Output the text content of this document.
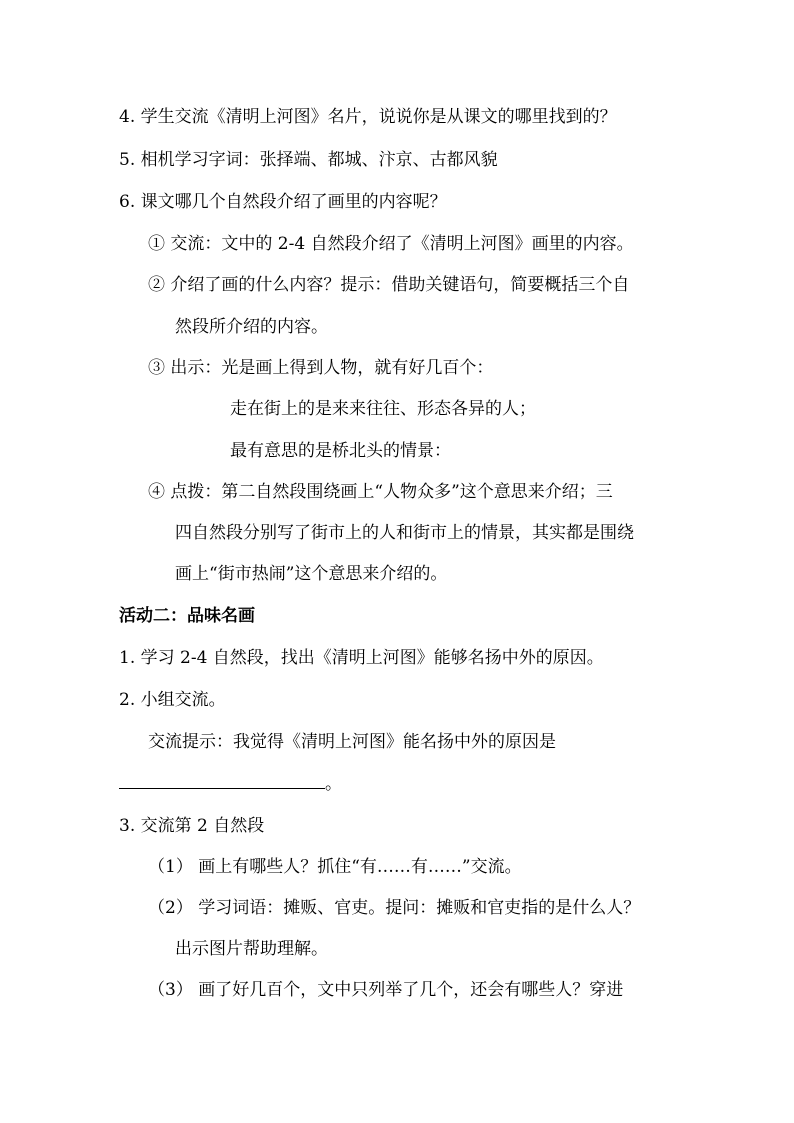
4. 学生交流《清明上河图》名片，说说你是从课文的哪里找到的？
5. 相机学习字词：张择端、都城、汴京、古都风貌
6. 课文哪几个自然段介绍了画里的内容呢？
① 交流：文中的 2-4 自然段介绍了《清明上河图》画里的内容。
② 介绍了画的什么内容？提示：借助关键语句，简要概括三个自
然段所介绍的内容。
③ 出示：光是画上得到人物，就有好几百个：
走在街上的是来来往往、形态各异的人；
最有意思的是桥北头的情景：
④ 点拨：第二自然段围绕画上“人物众多”这个意思来介绍；三
四自然段分别写了街市上的人和街市上的情景，其实都是围绕
画上“街市热闹”这个意思来介绍的。
活动二：品味名画
1. 学习 2-4 自然段，找出《清明上河图》能够名扬中外的原因。
2. 小组交流。
交流提示：我觉得《清明上河图》能名扬中外的原因是
。
3. 交流第 2 自然段
（1） 画上有哪些人？抓住“有……有……”交流。
（2） 学习词语：摊贩、官吏。提问：摊贩和官吏指的是什么人？
出示图片帮助理解。
（3） 画了好几百个，文中只列举了几个，还会有哪些人？穿进
